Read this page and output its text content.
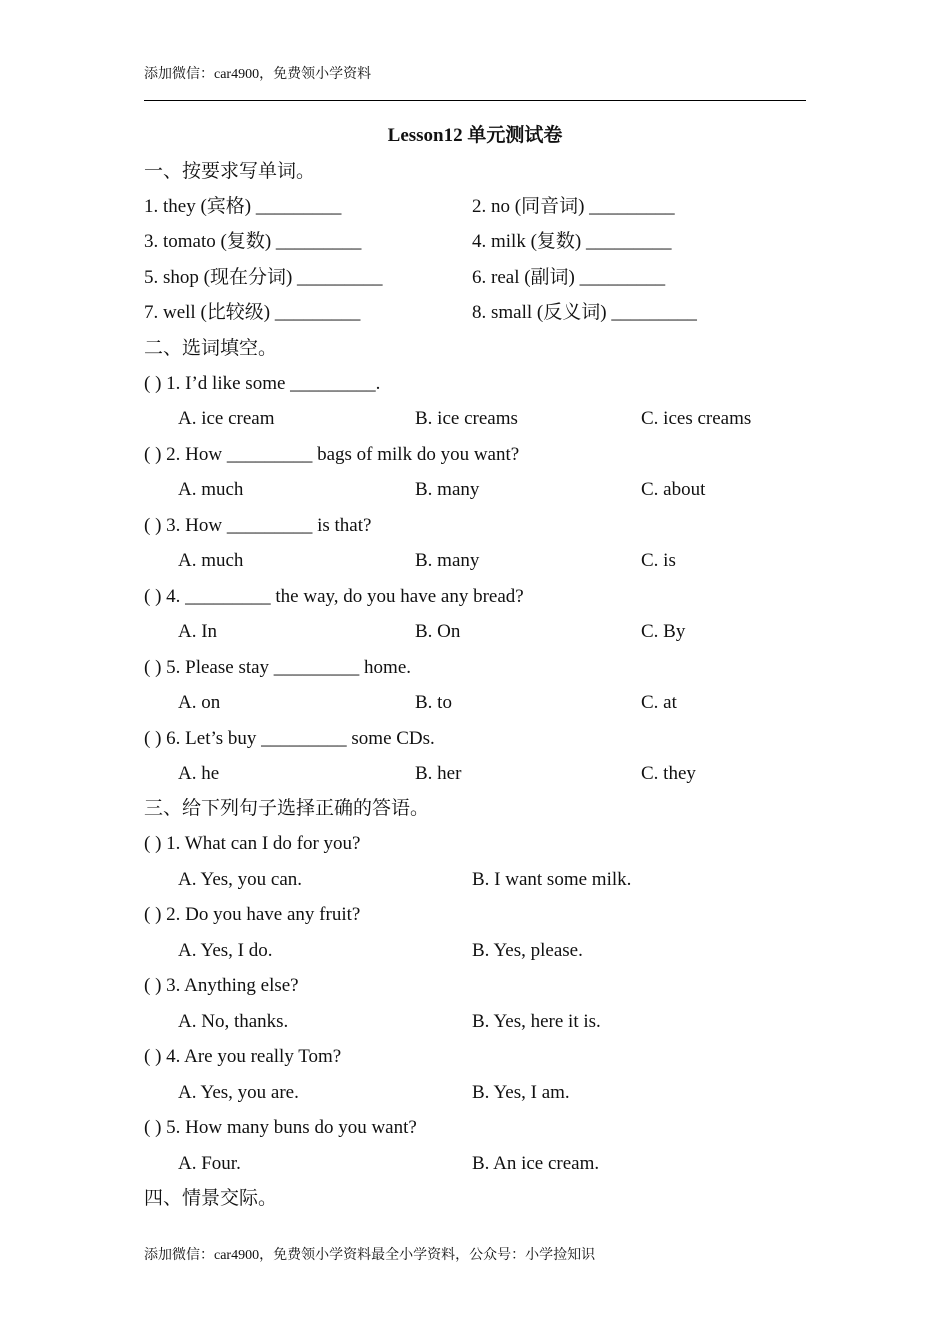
添加微信：car4900，免费领小学资料
Lesson12 单元测试卷
一、按要求写单词。
1. they (宾格) _________	2. no (同音词) _________
3. tomato (复数) _________	4. milk (复数) _________
5. shop (现在分词) _________	6. real (副词) _________
7. well (比较级) _________	8. small (反义词) _________
二、选词填空。
( ) 1. I’d like some _________.
A. ice cream	B. ice creams	C. ices creams
( ) 2. How _________ bags of milk do you want?
A. much	B. many	C. about
( ) 3. How _________ is that?
A. much	B. many	C. is
( ) 4. _________ the way, do you have any bread?
A. In	B. On	C. By
( ) 5. Please stay _________ home.
A. on	B. to	C. at
( ) 6. Let’s buy _________ some CDs.
A. he	B. her	C. they
三、给下列句子选择正确的答语。
( ) 1. What can I do for you?
A. Yes, you can.	B. I want some milk.
( ) 2. Do you have any fruit?
A. Yes, I do.	B. Yes, please.
( ) 3. Anything else?
A. No, thanks.	B. Yes, here it is.
( ) 4. Are you really Tom?
A. Yes, you are.	B. Yes, I am.
( ) 5. How many buns do you want?
A. Four.	B. An ice cream.
四、情景交际。
添加微信：car4900，免费领小学资料最全小学资料，公众号：小学捡知识
